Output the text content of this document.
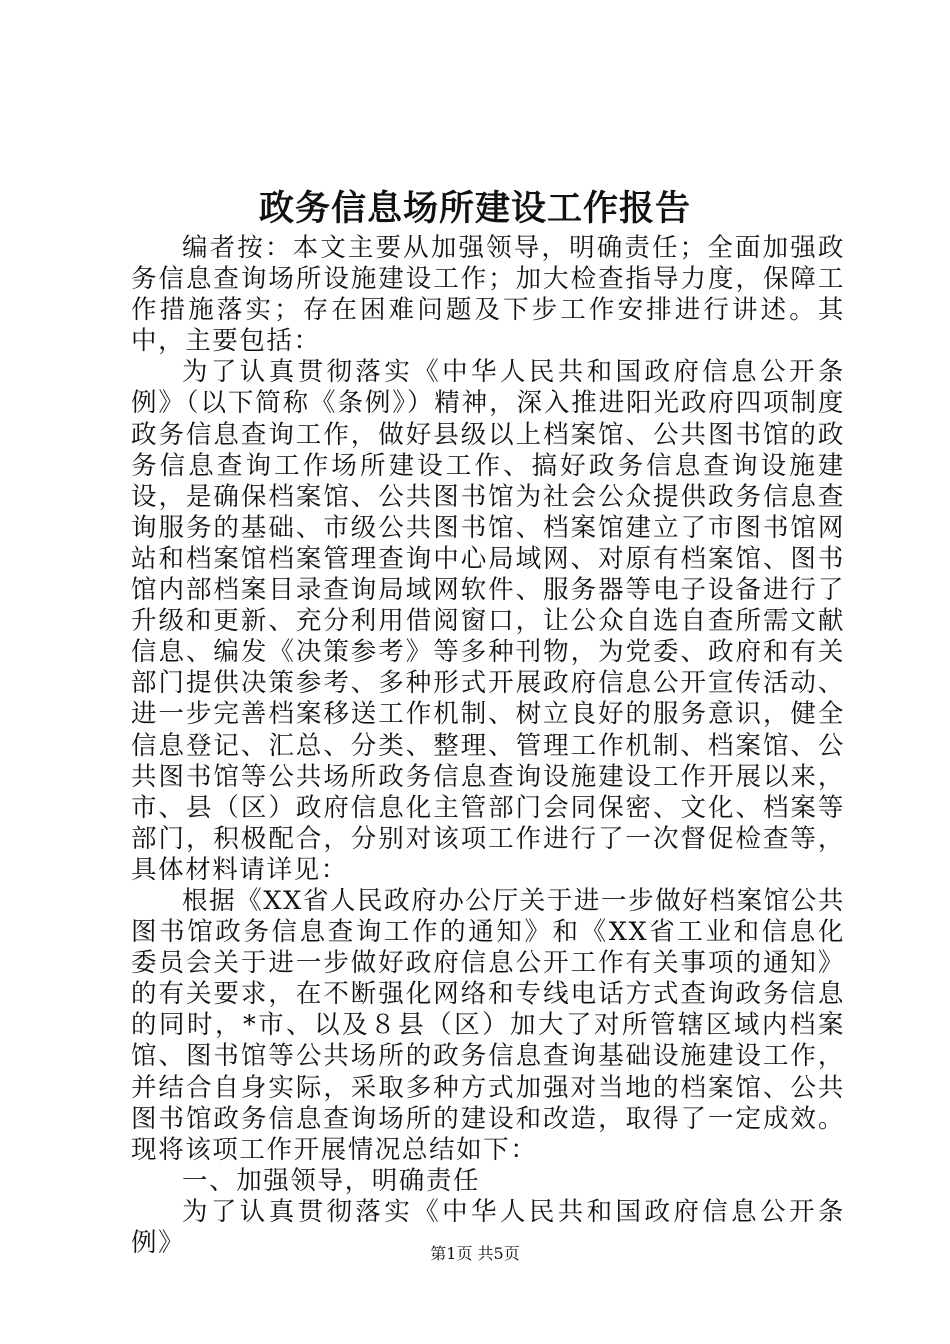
政务信息场所建设工作报告

编者按：本文主要从加强领导，明确责任；全面加强政务信息查询场所设施建设工作；加大检查指导力度，保障工作措施落实；存在困难问题及下步工作安排进行讲述。其中，主要包括：

为了认真贯彻落实《中华人民共和国政府信息公开条例》（以下简称《条例》）精神，深入推进阳光政府四项制度政务信息查询工作，做好县级以上档案馆、公共图书馆的政务信息查询工作场所建设工作、搞好政务信息查询设施建设，是确保档案馆、公共图书馆为社会公众提供政务信息查询服务的基础、市级公共图书馆、档案馆建立了市图书馆网站和档案馆档案管理查询中心局域网、对原有档案馆、图书馆内部档案目录查询局域网软件、服务器等电子设备进行了升级和更新、充分利用借阅窗口，让公众自选自查所需文献信息、编发《决策参考》等多种刊物，为党委、政府和有关部门提供决策参考、多种形式开展政府信息公开宣传活动、进一步完善档案移送工作机制、树立良好的服务意识，健全信息登记、汇总、分类、整理、管理工作机制、档案馆、公共图书馆等公共场所政务信息查询设施建设工作开展以来，市、县（区）政府信息化主管部门会同保密、文化、档案等部门，积极配合，分别对该项工作进行了一次督促检查等，具体材料请详见：

根据《XX省人民政府办公厅关于进一步做好档案馆公共图书馆政务信息查询工作的通知》和《XX省工业和信息化委员会关于进一步做好政府信息公开工作有关事项的通知》的有关要求，在不断强化网络和专线电话方式查询政务信息的同时，*市、以及８县（区）加大了对所管辖区域内档案馆、图书馆等公共场所的政务信息查询基础设施建设工作，并结合自身实际，采取多种方式加强对当地的档案馆、公共图书馆政务信息查询场所的建设和改造，取得了一定成效。现将该项工作开展情况总结如下：

一、加强领导，明确责任

为了认真贯彻落实《中华人民共和国政府信息公开条例》	第1页 共5页
